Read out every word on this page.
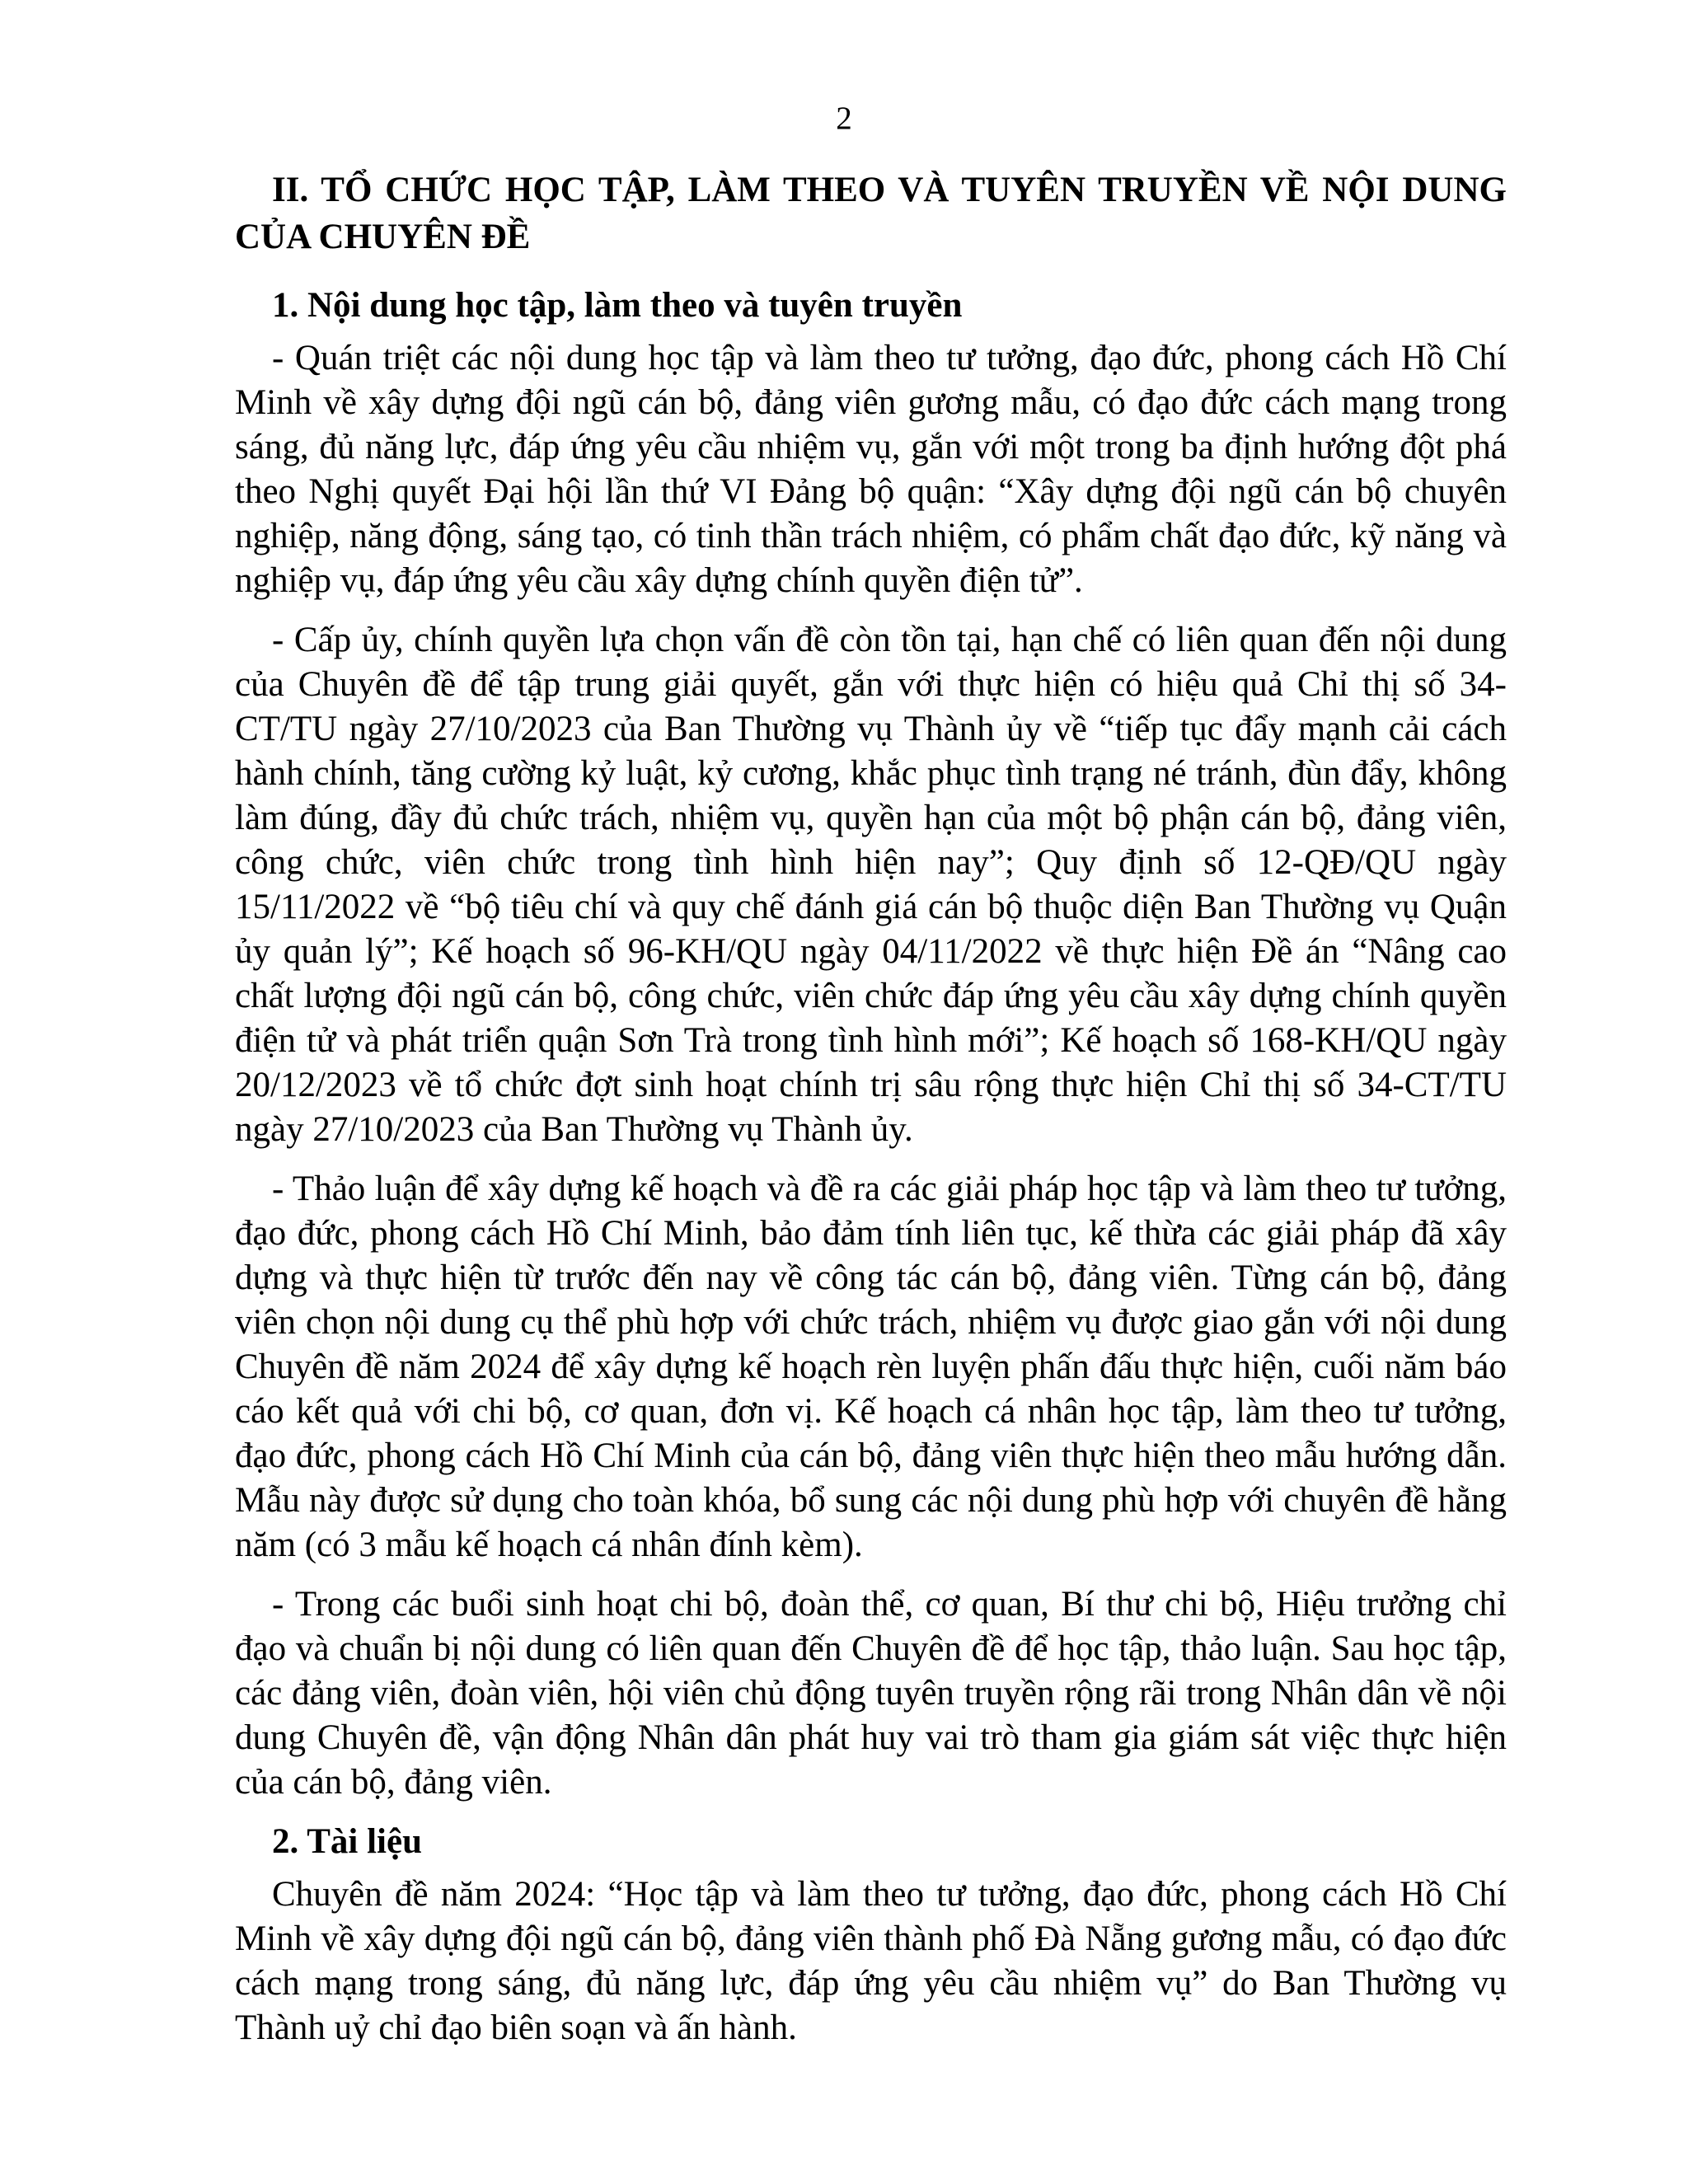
2
II. TỔ CHỨC HỌC TẬP, LÀM THEO VÀ TUYÊN TRUYỀN VỀ NỘI DUNG CỦA CHUYÊN ĐỀ
1. Nội dung học tập, làm theo và tuyên truyền

- Quán triệt các nội dung học tập và làm theo tư tưởng, đạo đức, phong cách Hồ Chí Minh về xây dựng đội ngũ cán bộ, đảng viên gương mẫu, có đạo đức cách mạng trong sáng, đủ năng lực, đáp ứng yêu cầu nhiệm vụ, gắn với một trong ba định hướng đột phá theo Nghị quyết Đại hội lần thứ VI Đảng bộ quận: “Xây dựng đội ngũ cán bộ chuyên nghiệp, năng động, sáng tạo, có tinh thần trách nhiệm, có phẩm chất đạo đức, kỹ năng và nghiệp vụ, đáp ứng yêu cầu xây dựng chính quyền điện tử”.

- Cấp ủy, chính quyền lựa chọn vấn đề còn tồn tại, hạn chế có liên quan đến nội dung của Chuyên đề để tập trung giải quyết, gắn với thực hiện có hiệu quả Chỉ thị số 34-CT/TU ngày 27/10/2023 của Ban Thường vụ Thành ủy về “tiếp tục đẩy mạnh cải cách hành chính, tăng cường kỷ luật, kỷ cương, khắc phục tình trạng né tránh, đùn đẩy, không làm đúng, đầy đủ chức trách, nhiệm vụ, quyền hạn của một bộ phận cán bộ, đảng viên, công chức, viên chức trong tình hình hiện nay”; Quy định số 12-QĐ/QU ngày 15/11/2022 về “bộ tiêu chí và quy chế đánh giá cán bộ thuộc diện Ban Thường vụ Quận ủy quản lý”; Kế hoạch số 96-KH/QU ngày 04/11/2022 về thực hiện Đề án “Nâng cao chất lượng đội ngũ cán bộ, công chức, viên chức đáp ứng yêu cầu xây dựng chính quyền điện tử và phát triển quận Sơn Trà trong tình hình mới”; Kế hoạch số 168-KH/QU ngày 20/12/2023 về tổ chức đợt sinh hoạt chính trị sâu rộng thực hiện Chỉ thị số 34-CT/TU ngày 27/10/2023 của Ban Thường vụ Thành ủy.

- Thảo luận để xây dựng kế hoạch và đề ra các giải pháp học tập và làm theo tư tưởng, đạo đức, phong cách Hồ Chí Minh, bảo đảm tính liên tục, kế thừa các giải pháp đã xây dựng và thực hiện từ trước đến nay về công tác cán bộ, đảng viên. Từng cán bộ, đảng viên chọn nội dung cụ thể phù hợp với chức trách, nhiệm vụ được giao gắn với nội dung Chuyên đề năm 2024 để xây dựng kế hoạch rèn luyện phấn đấu thực hiện, cuối năm báo cáo kết quả với chi bộ, cơ quan, đơn vị. Kế hoạch cá nhân học tập, làm theo tư tưởng, đạo đức, phong cách Hồ Chí Minh của cán bộ, đảng viên thực hiện theo mẫu hướng dẫn. Mẫu này được sử dụng cho toàn khóa, bổ sung các nội dung phù hợp với chuyên đề hằng năm (có 3 mẫu kế hoạch cá nhân đính kèm).

- Trong các buổi sinh hoạt chi bộ, đoàn thể, cơ quan, Bí thư chi bộ, Hiệu trưởng chỉ đạo và chuẩn bị nội dung có liên quan đến Chuyên đề để học tập, thảo luận. Sau học tập, các đảng viên, đoàn viên, hội viên chủ động tuyên truyền rộng rãi trong Nhân dân về nội dung Chuyên đề, vận động Nhân dân phát huy vai trò tham gia giám sát việc thực hiện của cán bộ, đảng viên.

2. Tài liệu

Chuyên đề năm 2024: “Học tập và làm theo tư tưởng, đạo đức, phong cách Hồ Chí Minh về xây dựng đội ngũ cán bộ, đảng viên thành phố Đà Nẵng gương mẫu, có đạo đức cách mạng trong sáng, đủ năng lực, đáp ứng yêu cầu nhiệm vụ” do Ban Thường vụ Thành uỷ chỉ đạo biên soạn và ấn hành.
